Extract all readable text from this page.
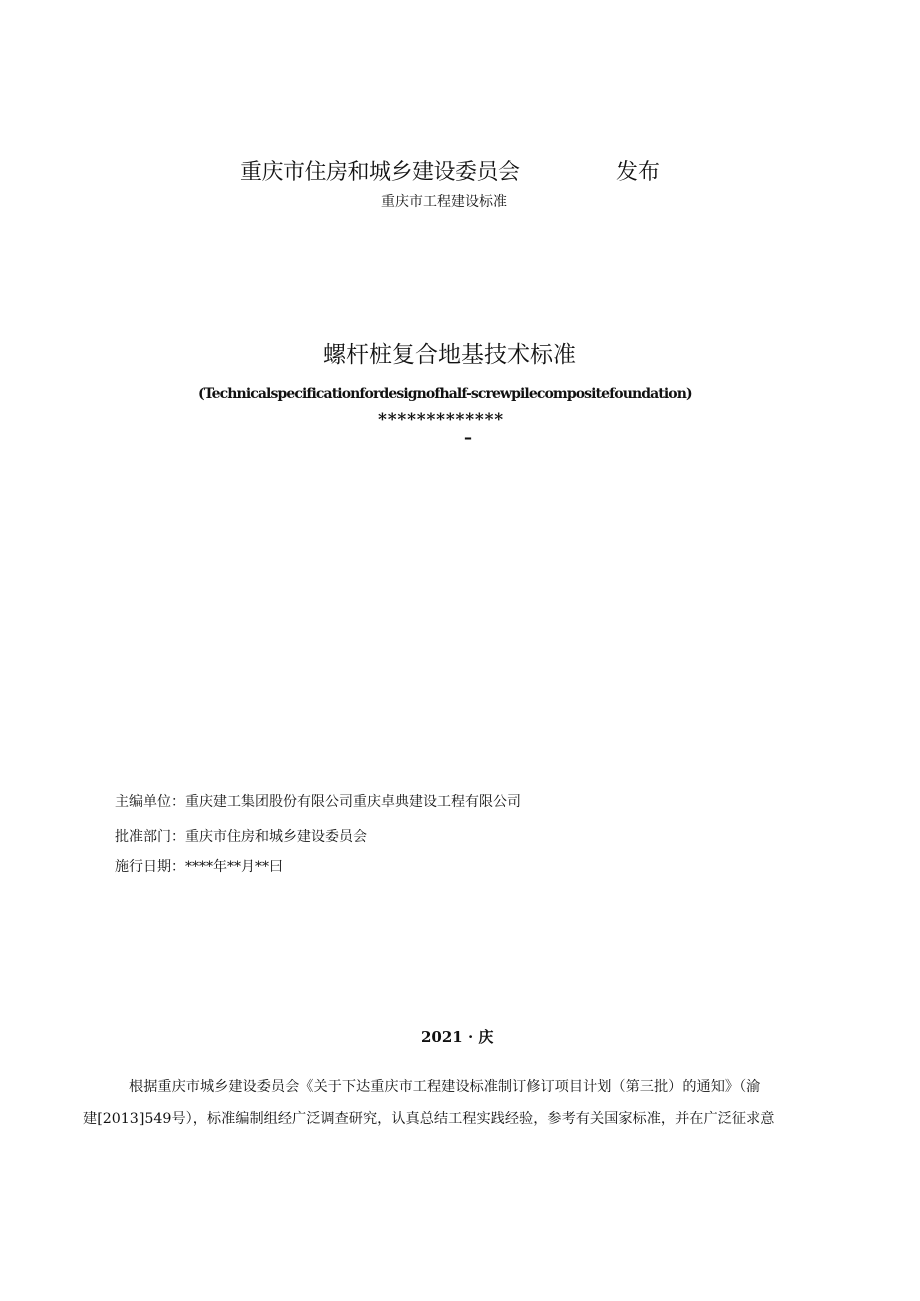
重庆市住房和城乡建设委员会	发布
重庆市工程建设标准
螺杆桩复合地基技术标准
(Technicalspecificationfordesignofhalf-screwpilecompositefoundation)
*************
–
主编单位：重庆建工集团股份有限公司重庆卓典建设工程有限公司
批准部门：重庆市住房和城乡建设委员会
施行日期：****年**月**曰
2021 · 庆
根据重庆市城乡建设委员会《关于下达重庆市工程建设标准制订修订项目计划（第三批）的通知》（渝
建[2013]549号），标准编制组经广泛调查研究，认真总结工程实践经验，参考有关国家标准，并在广泛征求意
